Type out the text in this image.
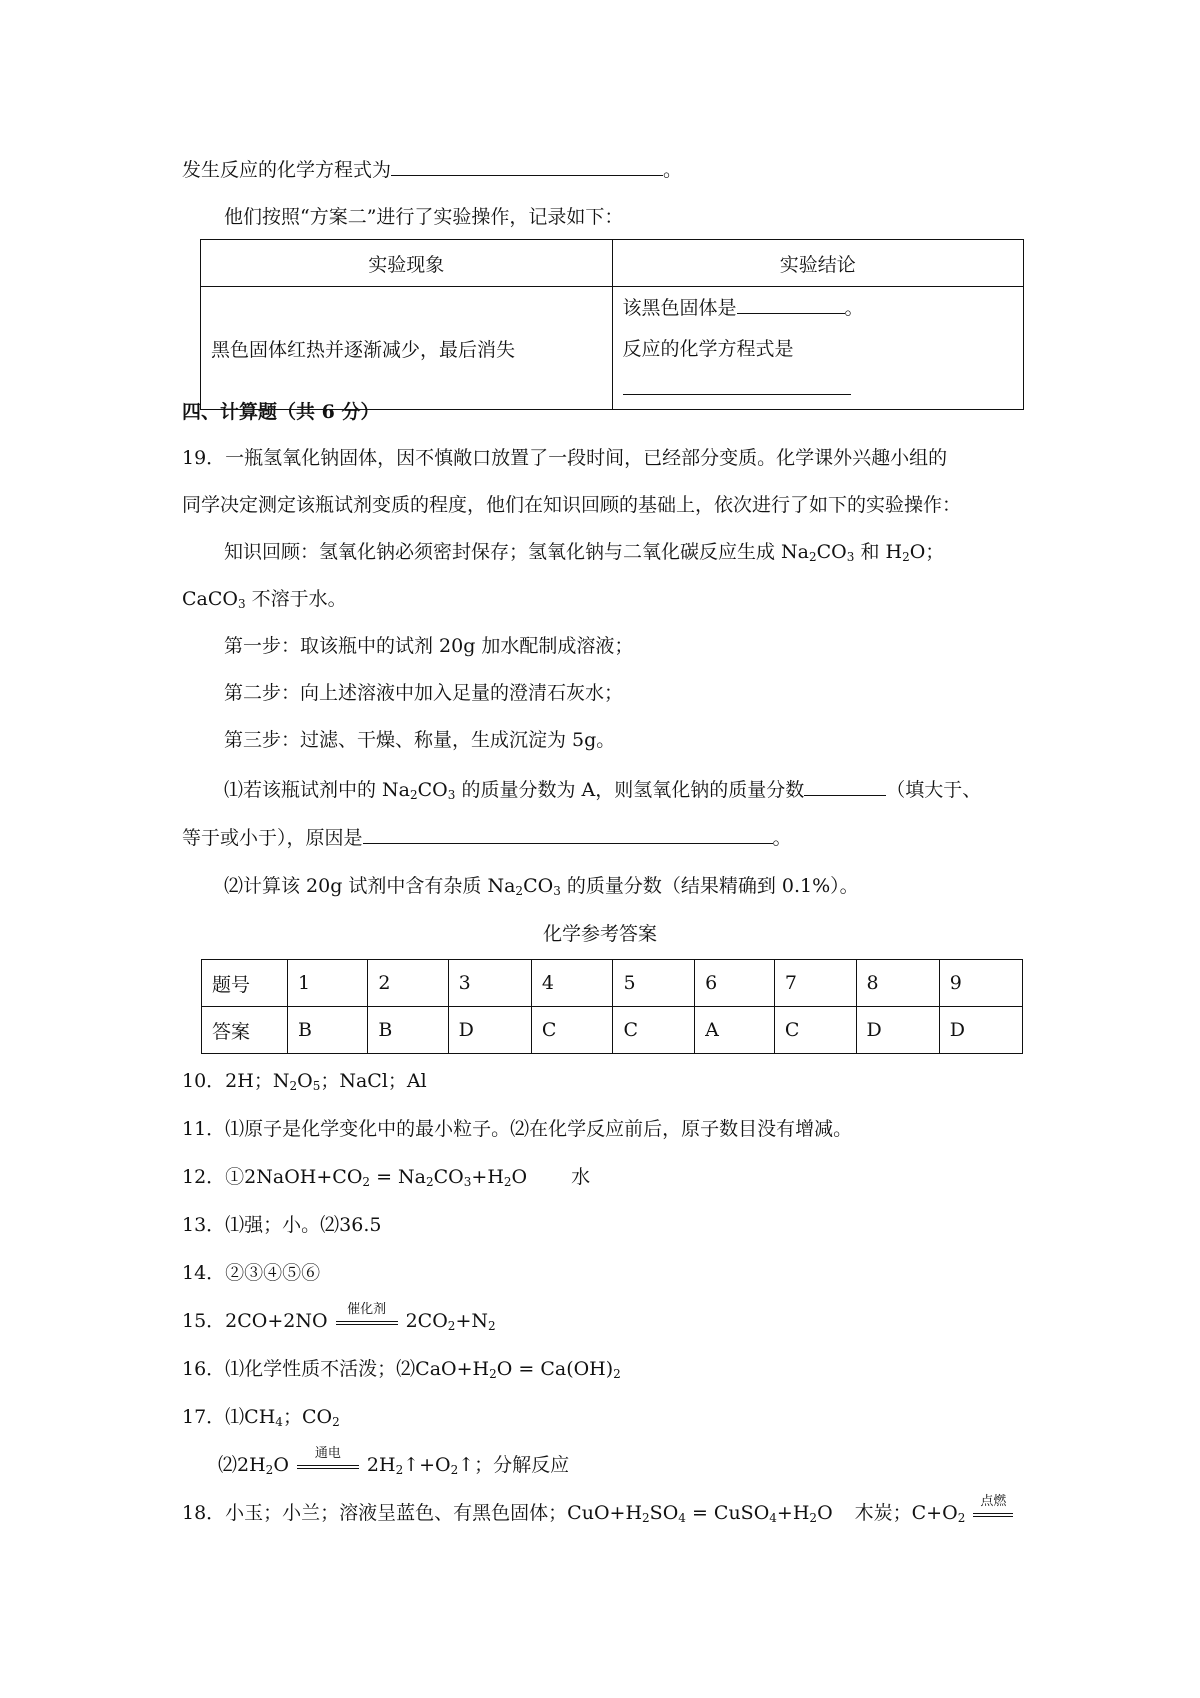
发生反应的化学方程式为	。
他们按照“方案二”进行了实验操作，记录如下：
实验现象	实验结论
黑色固体红热并逐渐减少，最后消失	该黑色固体是 。
反应的化学方程式是
四、计算题（共 6 分）
19．一瓶氢氧化钠固体，因不慎敞口放置了一段时间，已经部分变质。化学课外兴趣小组的
同学决定测定该瓶试剂变质的程度，他们在知识回顾的基础上，依次进行了如下的实验操作：
知识回顾：氢氧化钠必须密封保存；氢氧化钠与二氧化碳反应生成 $Na_2CO_3$ 和 $H_2O$；
CaCO$_3$ 不溶于水。
第一步：取该瓶中的试剂 20g 加水配制成溶液；
第二步：向上述溶液中加入足量的澄清石灰水；
第三步：过滤、干燥、称量，生成沉淀为 5g。
⑴若该瓶试剂中的 $Na_2CO_3$ 的质量分数为 A，则氢氧化钠的质量分数	（填大于、
等于或小于），原因是	。
⑵计算该 20g 试剂中含有杂质 $Na_2CO_3$ 的质量分数（结果精确到 0.1%）。
化学参考答案
题号	1	2	3	4	5	6	7	8	9
答案	B	B	D	C	C	A	C	D	D
10．2H；$N_2O_5$；NaCl；Al
11．⑴原子是化学变化中的最小粒子。⑵在化学反应前后，原子数目没有增减。
12．$①2NaOH+CO_2 = Na_2CO_3+H_2O$ 水
13．⑴强；小。⑵36.5
14．②③④⑤⑥
15．2CO+2NO
催化剂
$2CO_2+N_2$
16．⑴化学性质不活泼；$⑵CaO+H_2O = Ca(OH)_2$
17．$⑴CH_4$；$CO_2$
$⑵2H_2O$
通电
$2H_2↑+O_2↑$；分解反应
18．小玉；小兰；溶液呈蓝色、有黑色固体；$CuO+H_2SO_4$ = $CuSO_4+H_2O$ 木炭；$C+O_2$
点燃
